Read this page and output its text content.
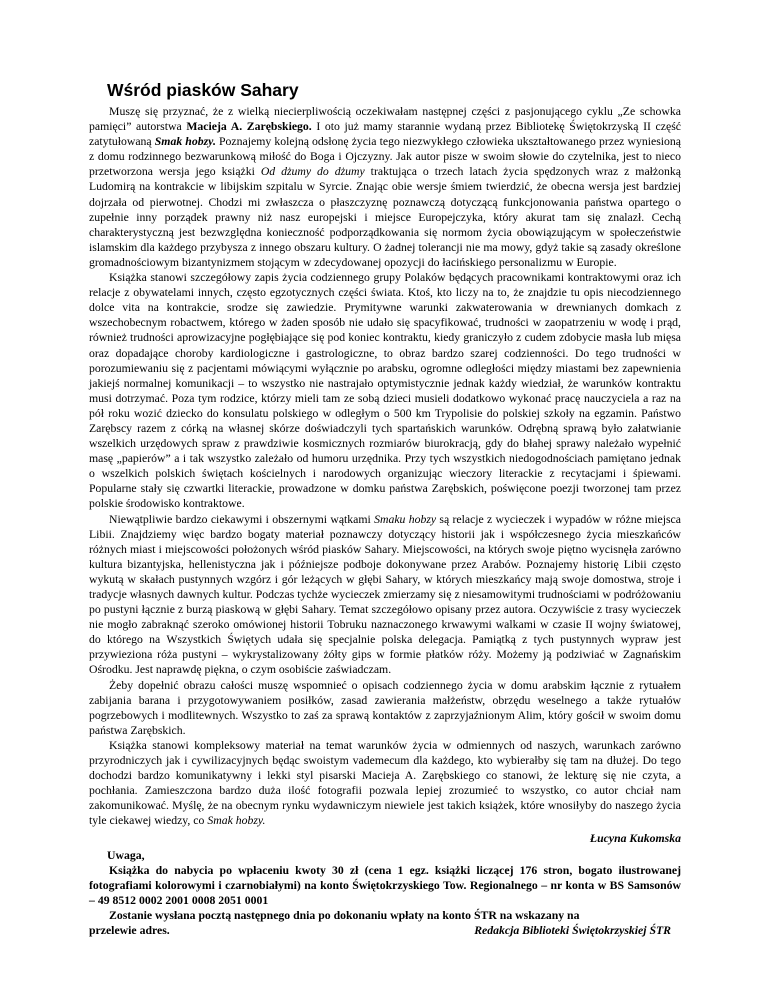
Wśród piasków Sahary

Muszę się przyznać, że z wielką niecierpliwością oczekiwałam następnej części z pasjonującego cyklu „Ze schowka pamięci” autorstwa Macieja A. Zarębskiego. I oto już mamy starannie wydaną przez Bibliotekę Świętokrzyską II część zatytułowaną Smak hobzy. Poznajemy kolejną odsłonę życia tego niezwykłego człowieka ukształtowanego przez wyniesioną z domu rodzinnego bezwarunkową miłość do Boga i Ojczyzny. Jak autor pisze w swoim słowie do czytelnika, jest to nieco przetworzona wersja jego książki Od dżumy do dżumy traktująca o trzech latach życia spędzonych wraz z małżonką Ludomirą na kontrakcie w libijskim szpitalu w Syrcie. Znając obie wersje śmiem twierdzić, że obecna wersja jest bardziej dojrzała od pierwotnej. Chodzi mi zwłaszcza o płaszczyznę poznawczą dotyczącą funkcjonowania państwa opartego o zupełnie inny porządek prawny niż nasz europejski i miejsce Europejczyka, który akurat tam się znalazł. Cechą charakterystyczną jest bezwzględna konieczność podporządkowania się normom życia obowiązującym w społeczeństwie islamskim dla każdego przybysza z innego obszaru kultury. O żadnej tolerancji nie ma mowy, gdyż takie są zasady określone gromadnościowym bizantynizmem stojącym w zdecydowanej opozycji do łacińskiego personalizmu w Europie.

Książka stanowi szczegółowy zapis życia codziennego grupy Polaków będących pracownikami kontraktowymi oraz ich relacje z obywatelami innych, często egzotycznych części świata. Ktoś, kto liczy na to, że znajdzie tu opis niecodziennego dolce vita na kontrakcie, srodze się zawiedzie. Prymitywne warunki zakwaterowania w drewnianych domkach z wszechobecnym robactwem, którego w żaden sposób nie udało się spacyfikować, trudności w zaopatrzeniu w wodę i prąd, również trudności aprowizacyjne pogłębiające się pod koniec kontraktu, kiedy graniczyło z cudem zdobycie masła lub mięsa oraz dopadające choroby kardiologiczne i gastrologiczne, to obraz bardzo szarej codzienności. Do tego trudności w porozumiewaniu się z pacjentami mówiącymi wyłącznie po arabsku, ogromne odległości między miastami bez zapewnienia jakiejś normalnej komunikacji – to wszystko nie nastrajało optymistycznie jednak każdy wiedział, że warunków kontraktu musi dotrzymać. Poza tym rodzice, którzy mieli tam ze sobą dzieci musieli dodatkowo wykonać pracę nauczyciela a raz na pół roku wozić dziecko do konsulatu polskiego w odległym o 500 km Trypolisie do polskiej szkoły na egzamin. Państwo Zarębscy razem z córką na własnej skórze doświadczyli tych spartańskich warunków. Odrębną sprawą było załatwianie wszelkich urzędowych spraw z prawdziwie kosmicznych rozmiarów biurokracją, gdy do błahej sprawy należało wypełnić masę „papierów” a i tak wszystko zależało od humoru urzędnika. Przy tych wszystkich niedogodnościach pamiętano jednak o wszelkich polskich świętach kościelnych i narodowych organizując wieczory literackie z recytacjami i śpiewami. Popularne stały się czwartki literackie, prowadzone w domku państwa Zarębskich, poświęcone poezji tworzonej tam przez polskie środowisko kontraktowe.

Niewątpliwie bardzo ciekawymi i obszernymi wątkami Smaku hobzy są relacje z wycieczek i wypadów w różne miejsca Libii. Znajdziemy więc bardzo bogaty materiał poznawczy dotyczący historii jak i współczesnego życia mieszkańców różnych miast i miejscowości położonych wśród piasków Sahary. Miejscowości, na których swoje piętno wycisnęła zarówno kultura bizantyjska, hellenistyczna jak i późniejsze podboje dokonywane przez Arabów. Poznajemy historię Libii często wykutą w skałach pustynnych wzgórz i gór leżących w głębi Sahary, w których mieszkańcy mają swoje domostwa, stroje i tradycje własnych dawnych kultur. Podczas tychże wycieczek zmierzamy się z niesamowitymi trudnościami w podróżowaniu po pustyni łącznie z burzą piaskową w głębi Sahary. Temat szczegółowo opisany przez autora. Oczywiście z trasy wycieczek nie mogło zabraknąć szeroko omówionej historii Tobruku naznaczonego krwawymi walkami w czasie II wojny światowej, do którego na Wszystkich Świętych udała się specjalnie polska delegacja. Pamiątką z tych pustynnych wypraw jest przywieziona róża pustyni – wykrystalizowany żółty gips w formie płatków róży. Możemy ją podziwiać w Zagnańskim Ośrodku. Jest naprawdę piękna, o czym osobiście zaświadczam.

Żeby dopełnić obrazu całości muszę wspomnieć o opisach codziennego życia w domu arabskim łącznie z rytuałem zabijania barana i przygotowywaniem posiłków, zasad zawierania małżeństw, obrzędu weselnego a także rytuałów pogrzebowych i modlitewnych. Wszystko to zaś za sprawą kontaktów z zaprzyjaźnionym Alim, który gościł w swoim domu państwa Zarębskich.

Książka stanowi kompleksowy materiał na temat warunków życia w odmiennych od naszych, warunkach zarówno przyrodniczych jak i cywilizacyjnych będąc swoistym vademecum dla każdego, kto wybierałby się tam na dłużej. Do tego dochodzi bardzo komunikatywny i lekki styl pisarski Macieja A. Zarębskiego co stanowi, że lekturę się nie czyta, a pochłania. Zamieszczona bardzo duża ilość fotografii pozwala lepiej zrozumieć to wszystko, co autor chciał nam zakomunikować. Myślę, że na obecnym rynku wydawniczym niewiele jest takich książek, które wnosiłyby do naszego życia tyle ciekawej wiedzy, co Smak hobzy.

Łucyna Kukomska
Uwaga,

Książka do nabycia po wpłaceniu kwoty 30 zł (cena 1 egz. książki liczącej 176 stron, bogato ilustrowanej fotografiami kolorowymi i czarnobiałymi) na konto Świętokrzyskiego Tow. Regionalnego – nr konta w BS Samsonów – 49 8512 0002 2001 0008 2051 0001

Zostanie wysłana pocztą następnego dnia po dokonaniu wpłaty na konto ŚTR na wskazany na

przelewie adres.	Redakcja Biblioteki Świętokrzyskiej ŚTR
